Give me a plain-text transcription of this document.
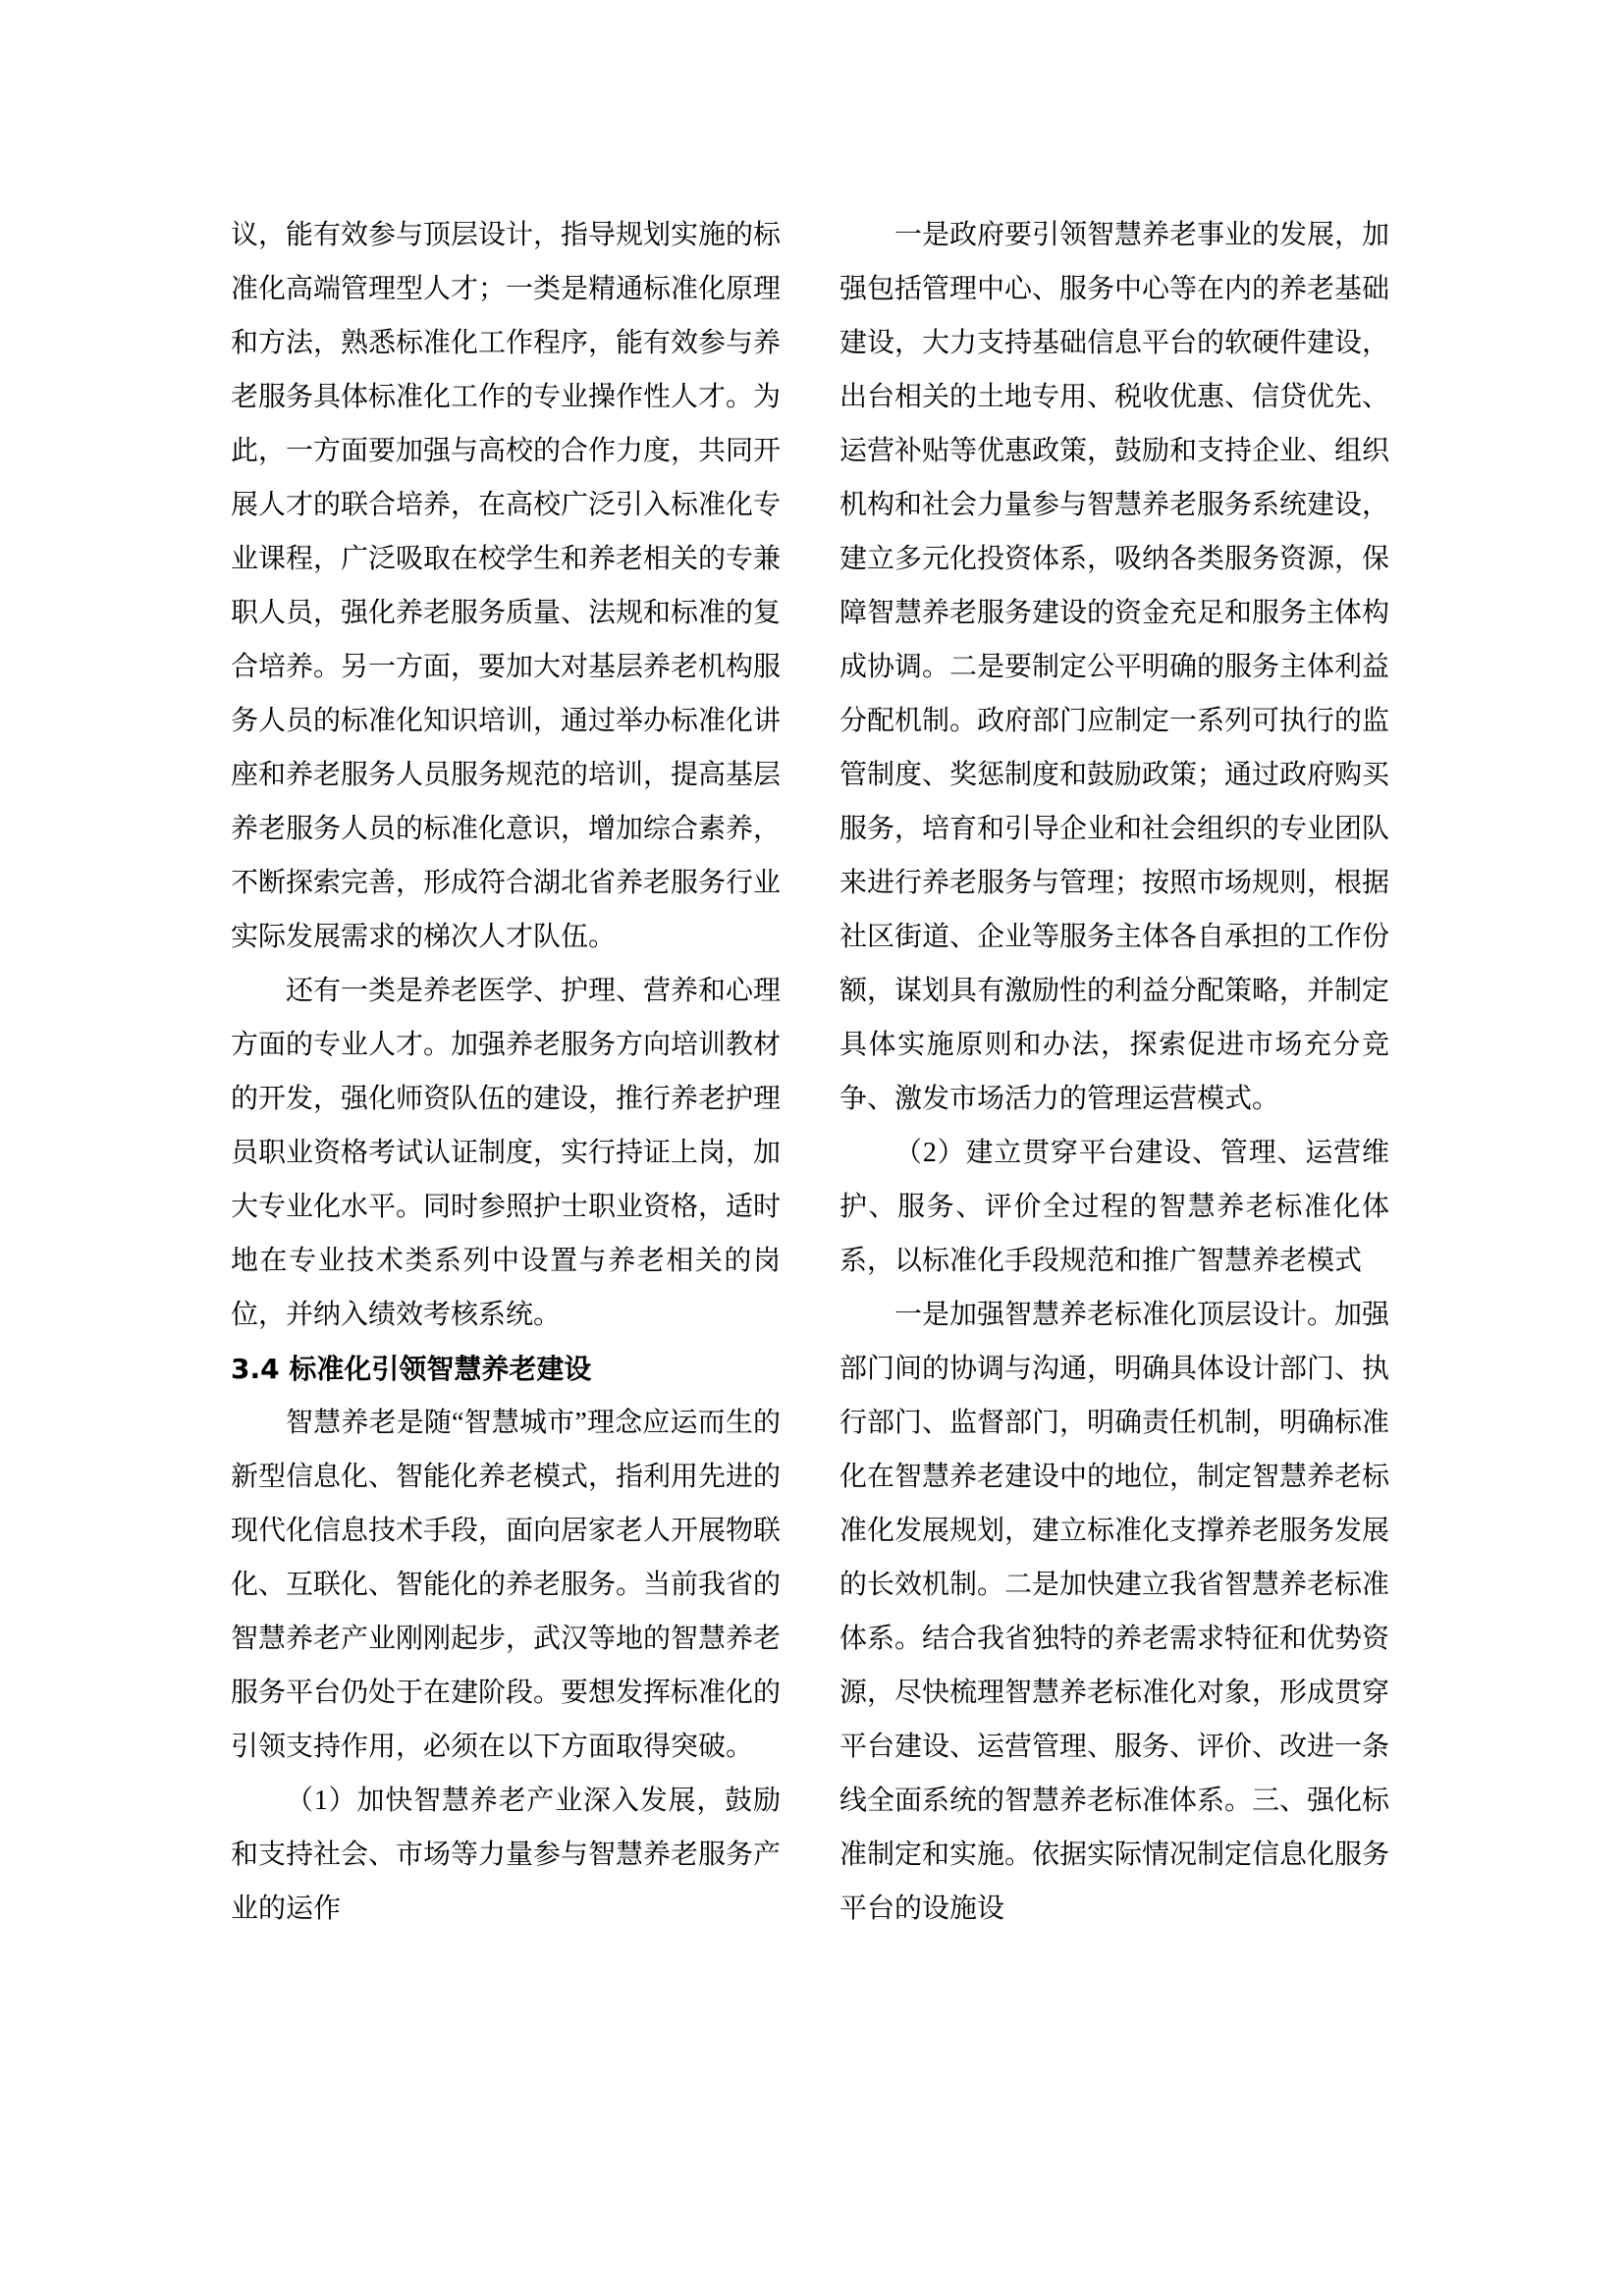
议，能有效参与顶层设计，指导规划实施的标准化高端管理型人才；一类是精通标准化原理和方法，熟悉标准化工作程序，能有效参与养老服务具体标准化工作的专业操作性人才。为此，一方面要加强与高校的合作力度，共同开展人才的联合培养，在高校广泛引入标准化专业课程，广泛吸取在校学生和养老相关的专兼职人员，强化养老服务质量、法规和标准的复合培养。另一方面，要加大对基层养老机构服务人员的标准化知识培训，通过举办标准化讲座和养老服务人员服务规范的培训，提高基层养老服务人员的标准化意识，增加综合素养，不断探索完善，形成符合湖北省养老服务行业实际发展需求的梯次人才队伍。

还有一类是养老医学、护理、营养和心理方面的专业人才。加强养老服务方向培训教材的开发，强化师资队伍的建设，推行养老护理员职业资格考试认证制度，实行持证上岗，加大专业化水平。同时参照护士职业资格，适时地在专业技术类系列中设置与养老相关的岗位，并纳入绩效考核系统。

3.4 标准化引领智慧养老建设

智慧养老是随“智慧城市”理念应运而生的新型信息化、智能化养老模式，指利用先进的现代化信息技术手段，面向居家老人开展物联化、互联化、智能化的养老服务。当前我省的智慧养老产业刚刚起步，武汉等地的智慧养老服务平台仍处于在建阶段。要想发挥标准化的引领支持作用，必须在以下方面取得突破。

（1）加快智慧养老产业深入发展，鼓励和支持社会、市场等力量参与智慧养老服务产业的运作

一是政府要引领智慧养老事业的发展，加强包括管理中心、服务中心等在内的养老基础建设，大力支持基础信息平台的软硬件建设，出台相关的土地专用、税收优惠、信贷优先、运营补贴等优惠政策，鼓励和支持企业、组织机构和社会力量参与智慧养老服务系统建设，建立多元化投资体系，吸纳各类服务资源，保障智慧养老服务建设的资金充足和服务主体构成协调。二是要制定公平明确的服务主体利益分配机制。政府部门应制定一系列可执行的监管制度、奖惩制度和鼓励政策；通过政府购买服务，培育和引导企业和社会组织的专业团队来进行养老服务与管理；按照市场规则，根据社区街道、企业等服务主体各自承担的工作份额，谋划具有激励性的利益分配策略，并制定具体实施原则和办法，探索促进市场充分竞争、激发市场活力的管理运营模式。

（2）建立贯穿平台建设、管理、运营维护、服务、评价全过程的智慧养老标准化体系，以标准化手段规范和推广智慧养老模式

一是加强智慧养老标准化顶层设计。加强部门间的协调与沟通，明确具体设计部门、执行部门、监督部门，明确责任机制，明确标准化在智慧养老建设中的地位，制定智慧养老标准化发展规划，建立标准化支撑养老服务发展的长效机制。二是加快建立我省智慧养老标准体系。结合我省独特的养老需求特征和优势资源，尽快梳理智慧养老标准化对象，形成贯穿平台建设、运营管理、服务、评价、改进一条线全面系统的智慧养老标准体系。三、强化标准制定和实施。依据实际情况制定信息化服务平台的设施设
